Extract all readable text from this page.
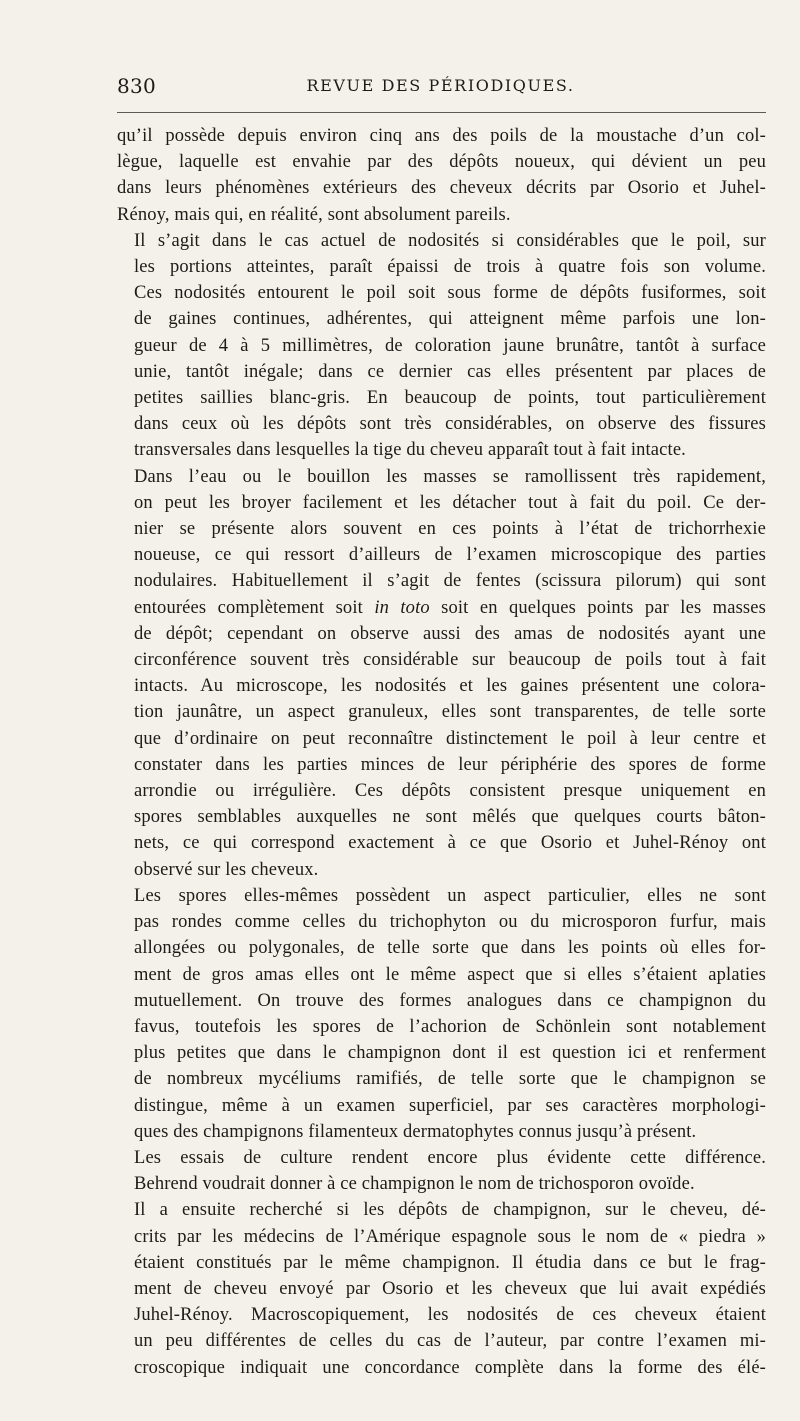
830	REVUE DES PÉRIODIQUES.

qu’il possède depuis environ cinq ans des poils de la moustache d’un col-
lègue, laquelle est envahie par des dépôts noueux, qui dévient un peu
dans leurs phénomènes extérieurs des cheveux décrits par Osorio et Juhel-
Rénoy, mais qui, en réalité, sont absolument pareils.

Il s’agit dans le cas actuel de nodosités si considérables que le poil, sur
les portions atteintes, paraît épaissi de trois à quatre fois son volume.
Ces nodosités entourent le poil soit sous forme de dépôts fusiformes, soit
de gaines continues, adhérentes, qui atteignent même parfois une lon-
gueur de 4 à 5 millimètres, de coloration jaune brunâtre, tantôt à surface
unie, tantôt inégale; dans ce dernier cas elles présentent par places de
petites saillies blanc-gris. En beaucoup de points, tout particulièrement
dans ceux où les dépôts sont très considérables, on observe des fissures
transversales dans lesquelles la tige du cheveu apparaît tout à fait intacte.

Dans l’eau ou le bouillon les masses se ramollissent très rapidement,
on peut les broyer facilement et les détacher tout à fait du poil. Ce der-
nier se présente alors souvent en ces points à l’état de trichorrhexie
noueuse, ce qui ressort d’ailleurs de l’examen microscopique des parties
nodulaires. Habituellement il s’agit de fentes (scissura pilorum) qui sont
entourées complètement soit in toto soit en quelques points par les masses
de dépôt; cependant on observe aussi des amas de nodosités ayant une
circonférence souvent très considérable sur beaucoup de poils tout à fait
intacts. Au microscope, les nodosités et les gaines présentent une colora-
tion jaunâtre, un aspect granuleux, elles sont transparentes, de telle sorte
que d’ordinaire on peut reconnaître distinctement le poil à leur centre et
constater dans les parties minces de leur périphérie des spores de forme
arrondie ou irrégulière. Ces dépôts consistent presque uniquement en
spores semblables auxquelles ne sont mêlés que quelques courts bâton-
nets, ce qui correspond exactement à ce que Osorio et Juhel-Rénoy ont
observé sur les cheveux.

Les spores elles-mêmes possèdent un aspect particulier, elles ne sont
pas rondes comme celles du trichophyton ou du microsporon furfur, mais
allongées ou polygonales, de telle sorte que dans les points où elles for-
ment de gros amas elles ont le même aspect que si elles s’étaient aplaties
mutuellement. On trouve des formes analogues dans ce champignon du
favus, toutefois les spores de l’achorion de Schönlein sont notablement
plus petites que dans le champignon dont il est question ici et renferment
de nombreux mycéliums ramifiés, de telle sorte que le champignon se
distingue, même à un examen superficiel, par ses caractères morphologi-
ques des champignons filamenteux dermatophytes connus jusqu’à présent.

Les essais de culture rendent encore plus évidente cette différence.
Behrend voudrait donner à ce champignon le nom de trichosporon ovoïde.

Il a ensuite recherché si les dépôts de champignon, sur le cheveu, dé-
crits par les médecins de l’Amérique espagnole sous le nom de « piedra »
étaient constitués par le même champignon. Il étudia dans ce but le frag-
ment de cheveu envoyé par Osorio et les cheveux que lui avait expédiés
Juhel-Rénoy. Macroscopiquement, les nodosités de ces cheveux étaient
un peu différentes de celles du cas de l’auteur, par contre l’examen mi-
croscopique indiquait une concordance complète dans la forme des élé-
